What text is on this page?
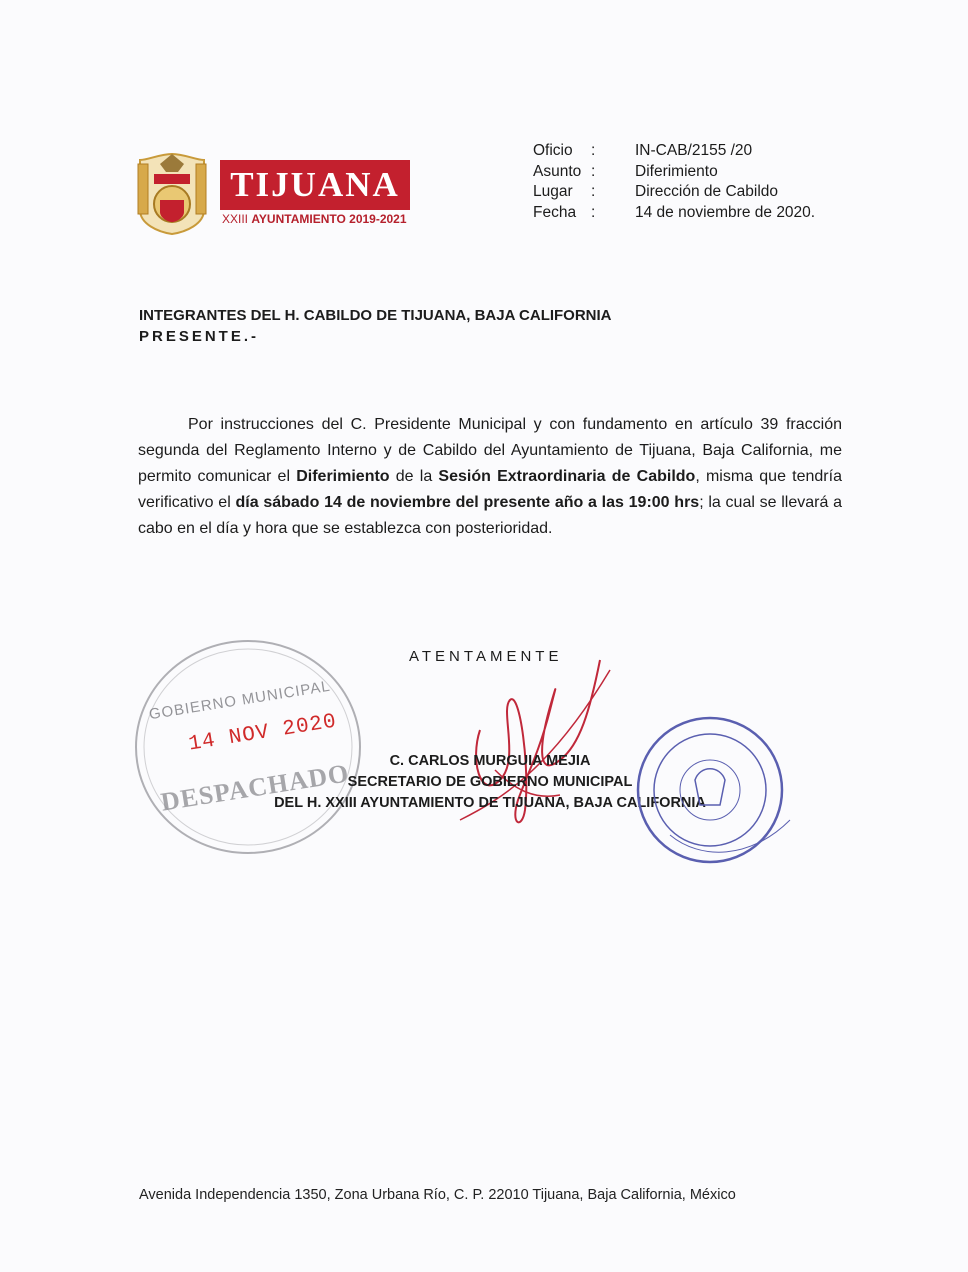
TIJUANA
XXIII AYUNTAMIENTO 2019-2021
Oficio	:	IN-CAB/2155 /20
Asunto :	Diferimiento
Lugar	:	Dirección de Cabildo
Fecha :	14 de noviembre de 2020.
INTEGRANTES DEL H. CABILDO DE TIJUANA, BAJA CALIFORNIA
PRESENTE.-
Por instrucciones del C. Presidente Municipal y con fundamento en artículo 39 fracción segunda del Reglamento Interno y de Cabildo del Ayuntamiento de Tijuana, Baja California, me permito comunicar el Diferimiento de la Sesión Extraordinaria de Cabildo, misma que tendría verificativo el día sábado 14 de noviembre del presente año a las 19:00 hrs; la cual se llevará a cabo en el día y hora que se establezca con posterioridad.
GOBIERNO MUNICIPAL
14 NOV 2020
DESPACHADO
ATENTAMENTE
C. CARLOS MURGUIA MEJIA
SECRETARIO DE GOBIERNO MUNICIPAL
DEL H. XXIII AYUNTAMIENTO DE TIJUANA, BAJA CALIFORNIA
Avenida Independencia 1350, Zona Urbana Río, C. P. 22010 Tijuana, Baja California, México
